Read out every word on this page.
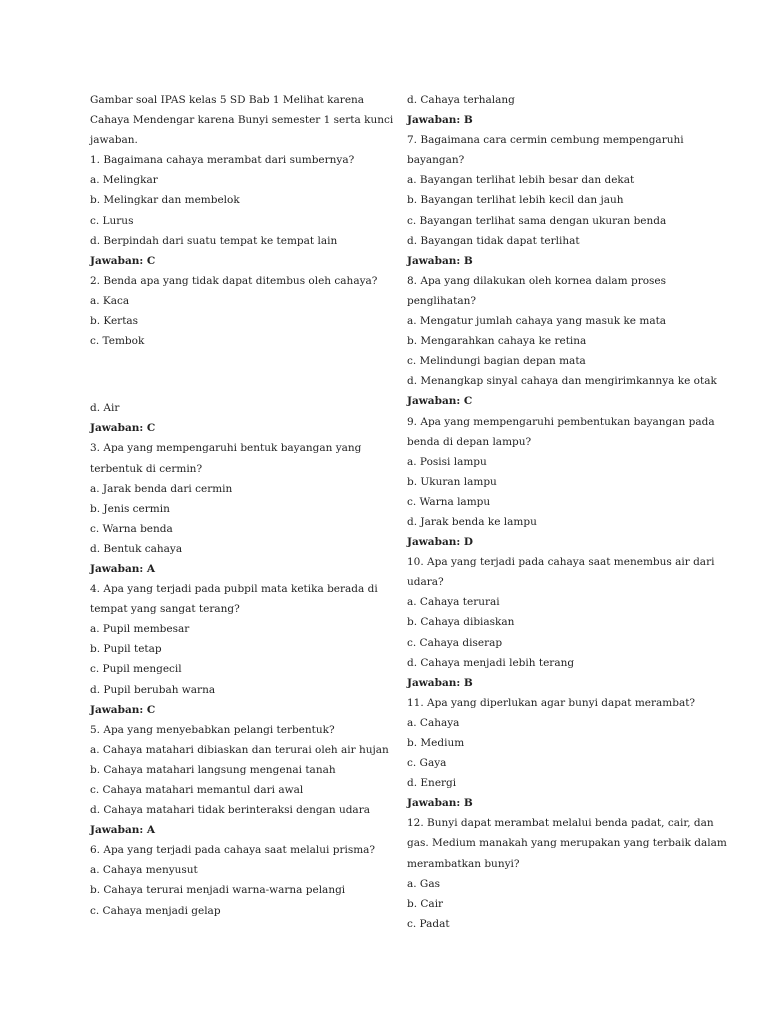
Gambar soal IPAS kelas 5 SD Bab 1 Melihat karena
Cahaya Mendengar karena Bunyi semester 1 serta kunci
jawaban.
1. Bagaimana cahaya merambat dari sumbernya?
a. Melingkar
b. Melingkar dan membelok
c. Lurus
d. Berpindah dari suatu tempat ke tempat lain
Jawaban: C
2. Benda apa yang tidak dapat ditembus oleh cahaya?
a. Kaca
b. Kertas
c. Tembok
d. Air
Jawaban: C
3. Apa yang mempengaruhi bentuk bayangan yang
terbentuk di cermin?
a. Jarak benda dari cermin
b. Jenis cermin
c. Warna benda
d. Bentuk cahaya
Jawaban: A
4. Apa yang terjadi pada pubpil mata ketika berada di
tempat yang sangat terang?
a. Pupil membesar
b. Pupil tetap
c. Pupil mengecil
d. Pupil berubah warna
Jawaban: C
5. Apa yang menyebabkan pelangi terbentuk?
a. Cahaya matahari dibiaskan dan terurai oleh air hujan
b. Cahaya matahari langsung mengenai tanah
c. Cahaya matahari memantul dari awal
d. Cahaya matahari tidak berinteraksi dengan udara
Jawaban: A
6. Apa yang terjadi pada cahaya saat melalui prisma?
a. Cahaya menyusut
b. Cahaya terurai menjadi warna-warna pelangi
c. Cahaya menjadi gelap
d. Cahaya terhalang
Jawaban: B
7. Bagaimana cara cermin cembung mempengaruhi
bayangan?
a. Bayangan terlihat lebih besar dan dekat
b. Bayangan terlihat lebih kecil dan jauh
c. Bayangan terlihat sama dengan ukuran benda
d. Bayangan tidak dapat terlihat
Jawaban: B
8. Apa yang dilakukan oleh kornea dalam proses
penglihatan?
a. Mengatur jumlah cahaya yang masuk ke mata
b. Mengarahkan cahaya ke retina
c. Melindungi bagian depan mata
d. Menangkap sinyal cahaya dan mengirimkannya ke otak
Jawaban: C
9. Apa yang mempengaruhi pembentukan bayangan pada
benda di depan lampu?
a. Posisi lampu
b. Ukuran lampu
c. Warna lampu
d. Jarak benda ke lampu
Jawaban: D
10. Apa yang terjadi pada cahaya saat menembus air dari
udara?
a. Cahaya terurai
b. Cahaya dibiaskan
c. Cahaya diserap
d. Cahaya menjadi lebih terang
Jawaban: B
11. Apa yang diperlukan agar bunyi dapat merambat?
a. Cahaya
b. Medium
c. Gaya
d. Energi
Jawaban: B
12. Bunyi dapat merambat melalui benda padat, cair, dan
gas. Medium manakah yang merupakan yang terbaik dalam
merambatkan bunyi?
a. Gas
b. Cair
c. Padat
